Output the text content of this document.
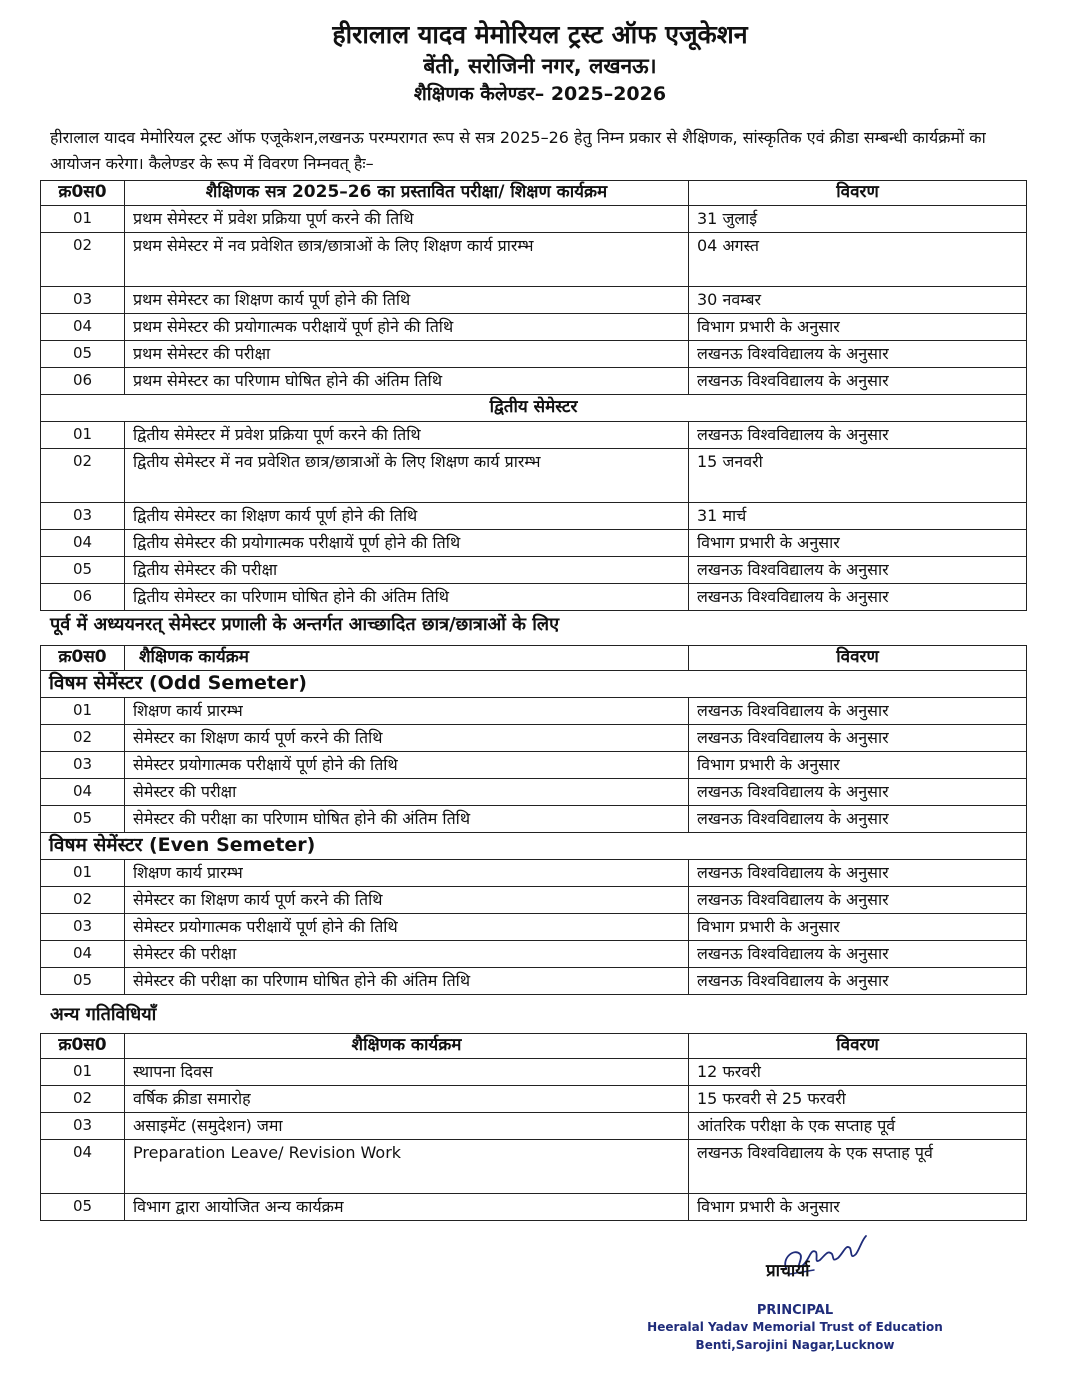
हीरालाल यादव मेमोरियल ट्रस्ट ऑफ एजूकेशन
बेंती, सरोजिनी नगर, लखनऊ।
शैक्षिणक कैलेण्डर– 2025–2026

हीरालाल यादव मेमोरियल ट्रस्ट ऑफ एजूकेशन,लखनऊ परम्परागत रूप से सत्र 2025–26 हेतु निम्न प्रकार से शैक्षिणक, सांस्कृतिक एवं क्रीडा सम्बन्धी कार्यक्रमों का आयोजन करेगा। कैलेण्डर के रूप में विवरण निम्नवत् हैः–

क्र0स0	शैक्षिणक सत्र 2025–26 का प्रस्तावित परीक्षा/ शिक्षण कार्यक्रम	विवरण
01	प्रथम सेमेस्टर में प्रवेश प्रक्रिया पूर्ण करने की तिथि	31 जुलाई
02	प्रथम सेमेस्टर में नव प्रवेशित छात्र/छात्राओं के लिए शिक्षण कार्य प्रारम्भ	04 अगस्त
03	प्रथम सेमेस्टर का शिक्षण कार्य पूर्ण होने की तिथि	30 नवम्बर
04	प्रथम सेमेस्टर की प्रयोगात्मक परीक्षायें पूर्ण होने की तिथि	विभाग प्रभारी के अनुसार
05	प्रथम सेमेस्टर की परीक्षा	लखनऊ विश्वविद्यालय के अनुसार
06	प्रथम सेमेस्टर का परिणाम घोषित होने की अंतिम तिथि	लखनऊ विश्वविद्यालय के अनुसार
द्वितीय सेमेस्टर		
01	द्वितीय सेमेस्टर में प्रवेश प्रक्रिया पूर्ण करने की तिथि	लखनऊ विश्वविद्यालय के अनुसार
02	द्वितीय सेमेस्टर में नव प्रवेशित छात्र/छात्राओं के लिए शिक्षण कार्य प्रारम्भ	15 जनवरी
03	द्वितीय सेमेस्टर का शिक्षण कार्य पूर्ण होने की तिथि	31 मार्च
04	द्वितीय सेमेस्टर की प्रयोगात्मक परीक्षायें पूर्ण होने की तिथि	विभाग प्रभारी के अनुसार
05	द्वितीय सेमेस्टर की परीक्षा	लखनऊ विश्वविद्यालय के अनुसार
06	द्वितीय सेमेस्टर का परिणाम घोषित होने की अंतिम तिथि	लखनऊ विश्वविद्यालय के अनुसार
पूर्व में अध्ययनरत् सेमेस्टर प्रणाली के अन्तर्गत आच्छादित छात्र/छात्राओं के लिए
क्र0स0	शैक्षिणक कार्यक्रम	विवरण
विषम सेमेंस्टर (Odd Semeter)		
01	शिक्षण कार्य प्रारम्भ	लखनऊ विश्वविद्यालय के अनुसार
02	सेमेस्टर का शिक्षण कार्य पूर्ण करने की तिथि	लखनऊ विश्वविद्यालय के अनुसार
03	सेमेस्टर प्रयोगात्मक परीक्षायें पूर्ण होने की तिथि	विभाग प्रभारी के अनुसार
04	सेमेस्टर की परीक्षा	लखनऊ विश्वविद्यालय के अनुसार
05	सेमेस्टर की परीक्षा का परिणाम घोषित होने की अंतिम तिथि	लखनऊ विश्वविद्यालय के अनुसार
विषम सेमेंस्टर (Even Semeter)		
01	शिक्षण कार्य प्रारम्भ	लखनऊ विश्वविद्यालय के अनुसार
02	सेमेस्टर का शिक्षण कार्य पूर्ण करने की तिथि	लखनऊ विश्वविद्यालय के अनुसार
03	सेमेस्टर प्रयोगात्मक परीक्षायें पूर्ण होने की तिथि	विभाग प्रभारी के अनुसार
04	सेमेस्टर की परीक्षा	लखनऊ विश्वविद्यालय के अनुसार
05	सेमेस्टर की परीक्षा का परिणाम घोषित होने की अंतिम तिथि	लखनऊ विश्वविद्यालय के अनुसार
अन्य गतिविधियाँ
क्र0स0	शैक्षिणक कार्यक्रम	विवरण
01	स्थापना दिवस	12 फरवरी
02	वर्षिक क्रीडा समारोह	15 फरवरी से 25 फरवरी
03	असाइमेंट (समुदेशन) जमा	आंतरिक परीक्षा के एक सप्ताह पूर्व
04	Preparation Leave/ Revision Work	लखनऊ विश्वविद्यालय के एक सप्ताह पूर्व
05	विभाग द्वारा आयोजित अन्य कार्यक्रम	विभाग प्रभारी के अनुसार
प्राचार्या
PRINCIPAL
Heeralal Yadav Memorial Trust of Education
Benti,Sarojini Nagar,Lucknow
